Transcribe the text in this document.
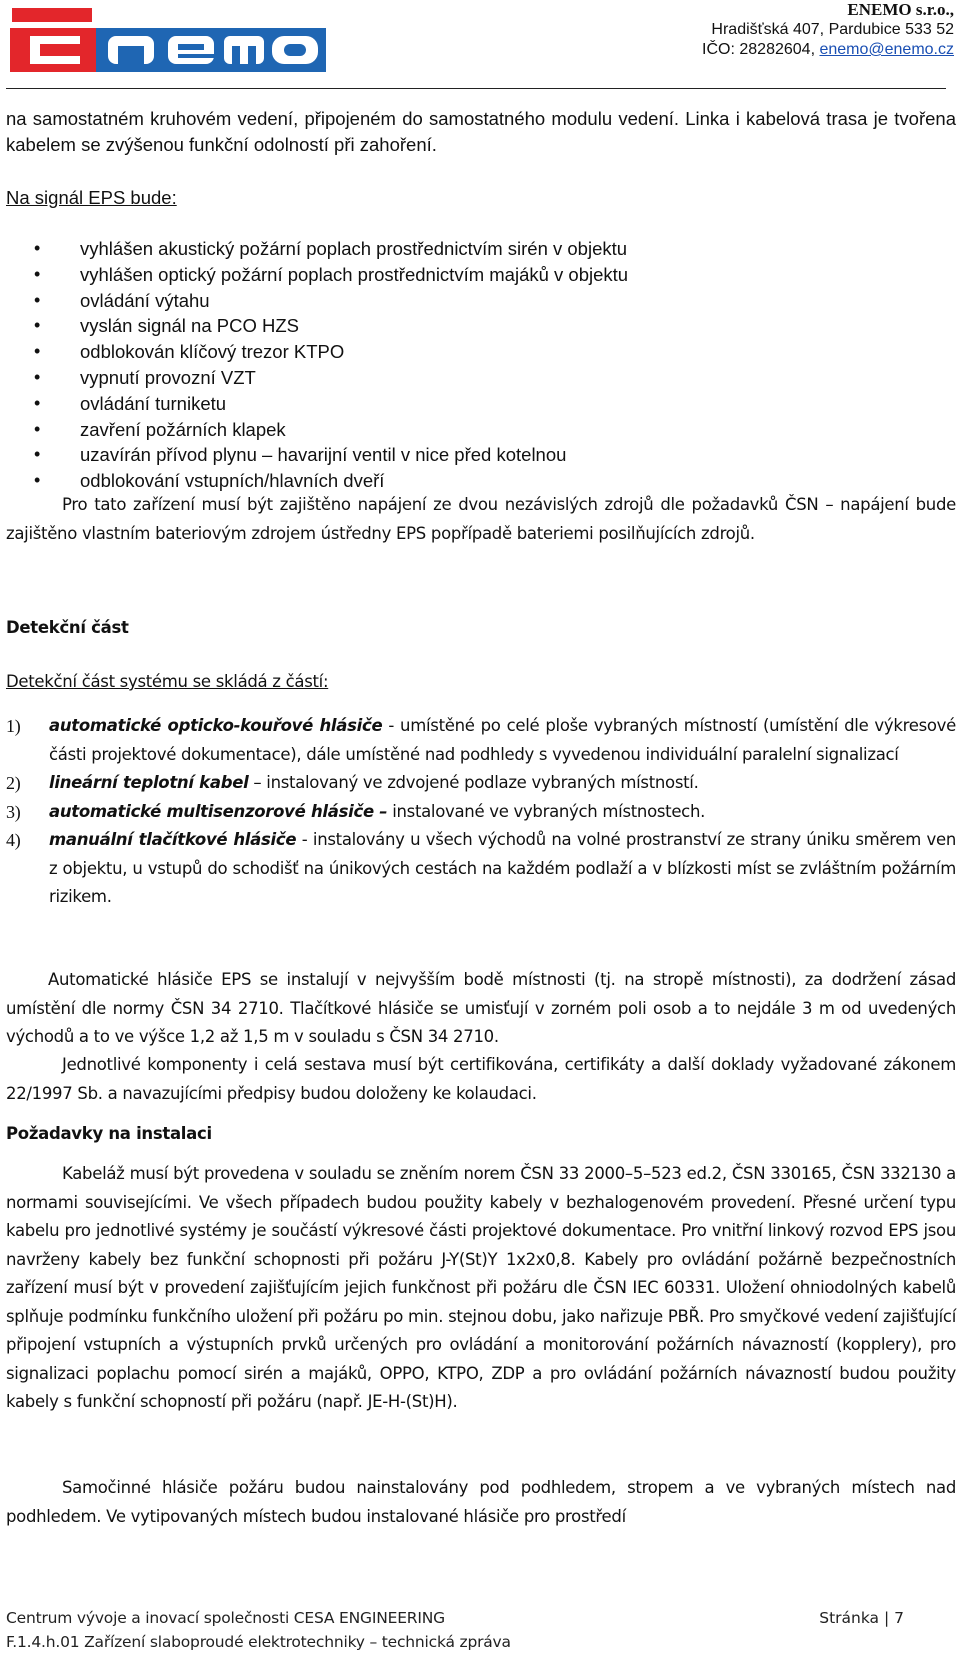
ENEMO s.r.o.,
Hradišťská 407, Pardubice 533 52
IČO: 28282604, enemo@enemo.cz
na samostatném kruhovém vedení, připojeném do samostatného modulu vedení. Linka i kabelová trasa je tvořena kabelem se zvýšenou funkční odolností při zahoření.
Na signál EPS bude:
• vyhlášen akustický požární poplach prostřednictvím sirén v objektu
• vyhlášen optický požární poplach prostřednictvím majáků v objektu
• ovládání výtahu
• vyslán signál na PCO HZS
• odblokován klíčový trezor KTPO
• vypnutí provozní VZT
• ovládání turniketu
• zavření požárních klapek
• uzavírán přívod plynu – havarijní ventil v nice před kotelnou
• odblokování vstupních/hlavních dveří
Pro tato zařízení musí být zajištěno napájení ze dvou nezávislých zdrojů dle požadavků ČSN – napájení bude zajištěno vlastním bateriovým zdrojem ústředny EPS popřípadě bateriemi posilňujících zdrojů.
Detekční část
Detekční část systému se skládá z částí:
1) automatické opticko-kouřové hlásiče - umístěné po celé ploše vybraných místností (umístění dle výkresové části projektové dokumentace), dále umístěné nad podhledy s vyvedenou individuální paralelní signalizací
2) lineární teplotní kabel – instalovaný ve zdvojené podlaze vybraných místností.
3) automatické multisenzorové hlásiče – instalované ve vybraných místnostech.
4) manuální tlačítkové hlásiče - instalovány u všech východů na volné prostranství ze strany úniku směrem ven z objektu, u vstupů do schodišť na únikových cestách na každém podlaží a v blízkosti míst se zvláštním požárním rizikem.
Automatické hlásiče EPS se instalují v nejvyšším bodě místnosti (tj. na stropě místnosti), za dodržení zásad umístění dle normy ČSN 34 2710. Tlačítkové hlásiče se umisťují v zorném poli osob a to nejdále 3 m od uvedených východů a to ve výšce 1,2 až 1,5 m v souladu s ČSN 34 2710.
Jednotlivé komponenty i celá sestava musí být certifikována, certifikáty a další doklady vyžadované zákonem 22/1997 Sb. a navazujícími předpisy budou doloženy ke kolaudaci.
Požadavky na instalaci
Kabeláž musí být provedena v souladu se zněním norem ČSN 33 2000–5–523 ed.2, ČSN 330165, ČSN 332130 a normami souvisejícími. Ve všech případech budou použity kabely v bezhalogenovém provedení. Přesné určení typu kabelu pro jednotlivé systémy je součástí výkresové části projektové dokumentace. Pro vnitřní linkový rozvod EPS jsou navrženy kabely bez funkční schopnosti při požáru J-Y(St)Y 1x2x0,8. Kabely pro ovládání požárně bezpečnostních zařízení musí být v provedení zajišťujícím jejich funkčnost při požáru dle ČSN IEC 60331. Uložení ohniodolných kabelů splňuje podmínku funkčního uložení při požáru po min. stejnou dobu, jako nařizuje PBŘ. Pro smyčkové vedení zajišťující připojení vstupních a výstupních prvků určených pro ovládání a monitorování požárních návazností (kopplery), pro signalizaci poplachu pomocí sirén a majáků, OPPO, KTPO, ZDP a pro ovládání požárních návazností budou použity kabely s funkční schopností při požáru (např. JE-H-(St)H).
Samočinné hlásiče požáru budou nainstalovány pod podhledem, stropem a ve vybraných místech nad podhledem. Ve vytipovaných místech budou instalované hlásiče pro prostředí
Centrum vývoje a inovací společnosti CESA ENGINEERING
F.1.4.h.01 Zařízení slaboproudé elektrotechniky – technická zpráva
Stránka | 7
